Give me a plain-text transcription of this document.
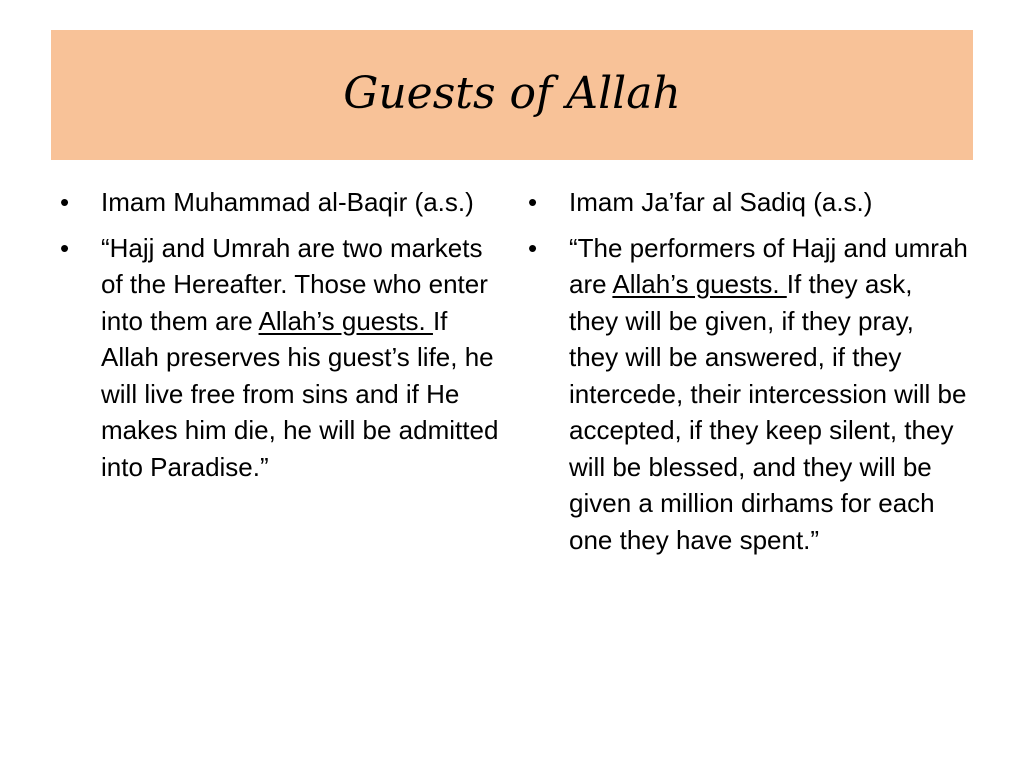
Guests of Allah
•	Imam Muhammad al-Baqir (a.s.)
•	“Hajj and Umrah are two markets of the Hereafter. Those who enter into them are Allah’s guests. If Allah preserves his guest’s life, he will live free from sins and if He makes him die, he will be admitted into Paradise.”
•	Imam Ja’far al Sadiq (a.s.)
•	“The performers of Hajj and umrah are Allah’s guests. If they ask, they will be given, if they pray, they will be answered, if they intercede, their intercession will be accepted, if they keep silent, they will be blessed, and they will be given a million dirhams for each one they have spent.”
